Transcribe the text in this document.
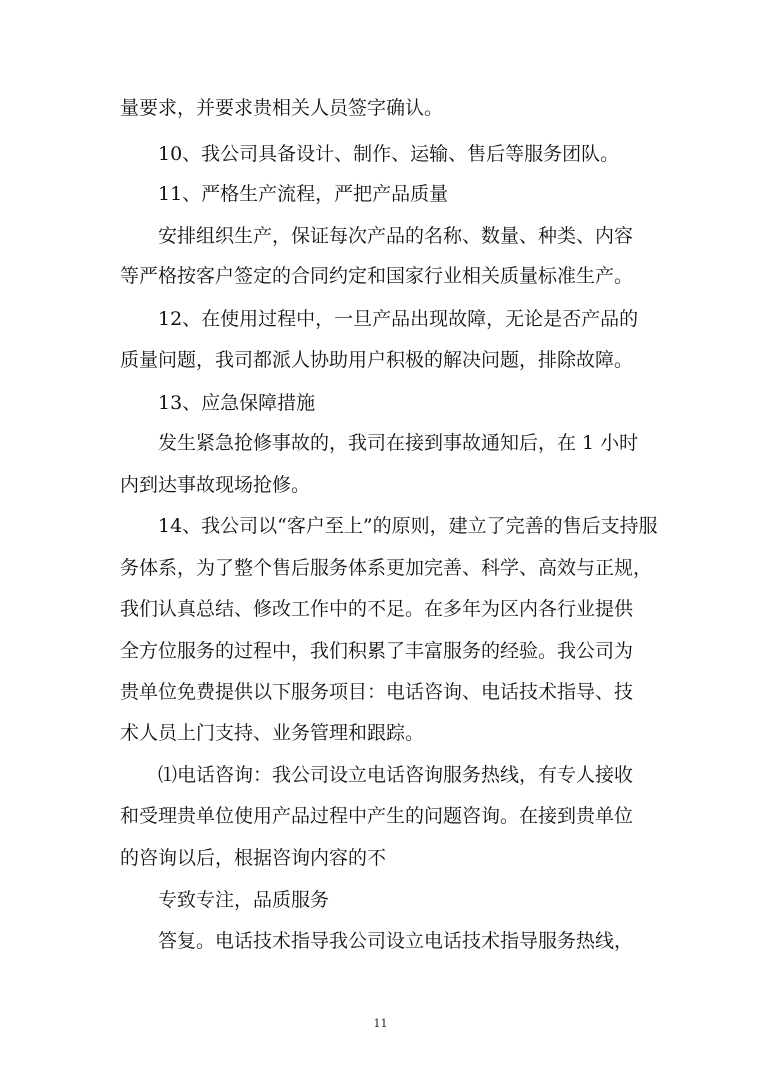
量要求，并要求贵相关人员签字确认。
10、我公司具备设计、制作、运输、售后等服务团队。
11、严格生产流程，严把产品质量
安排组织生产，保证每次产品的名称、数量、种类、内容
等严格按客户签定的合同约定和国家行业相关质量标准生产。
12、在使用过程中，一旦产品出现故障，无论是否产品的
质量问题，我司都派人协助用户积极的解决问题，排除故障。
13、应急保障措施
发生紧急抢修事故的，我司在接到事故通知后，在 1 小时
内到达事故现场抢修。
14、我公司以“客户至上”的原则，建立了完善的售后支持服
务体系，为了整个售后服务体系更加完善、科学、高效与正规，
我们认真总结、修改工作中的不足。在多年为区内各行业提供
全方位服务的过程中，我们积累了丰富服务的经验。我公司为
贵单位免费提供以下服务项目：电话咨询、电话技术指导、技
术人员上门支持、业务管理和跟踪。
⑴电话咨询：我公司设立电话咨询服务热线，有专人接收
和受理贵单位使用产品过程中产生的问题咨询。在接到贵单位
的咨询以后，根据咨询内容的不
专致专注，品质服务
答复。电话技术指导我公司设立电话技术指导服务热线，
11
